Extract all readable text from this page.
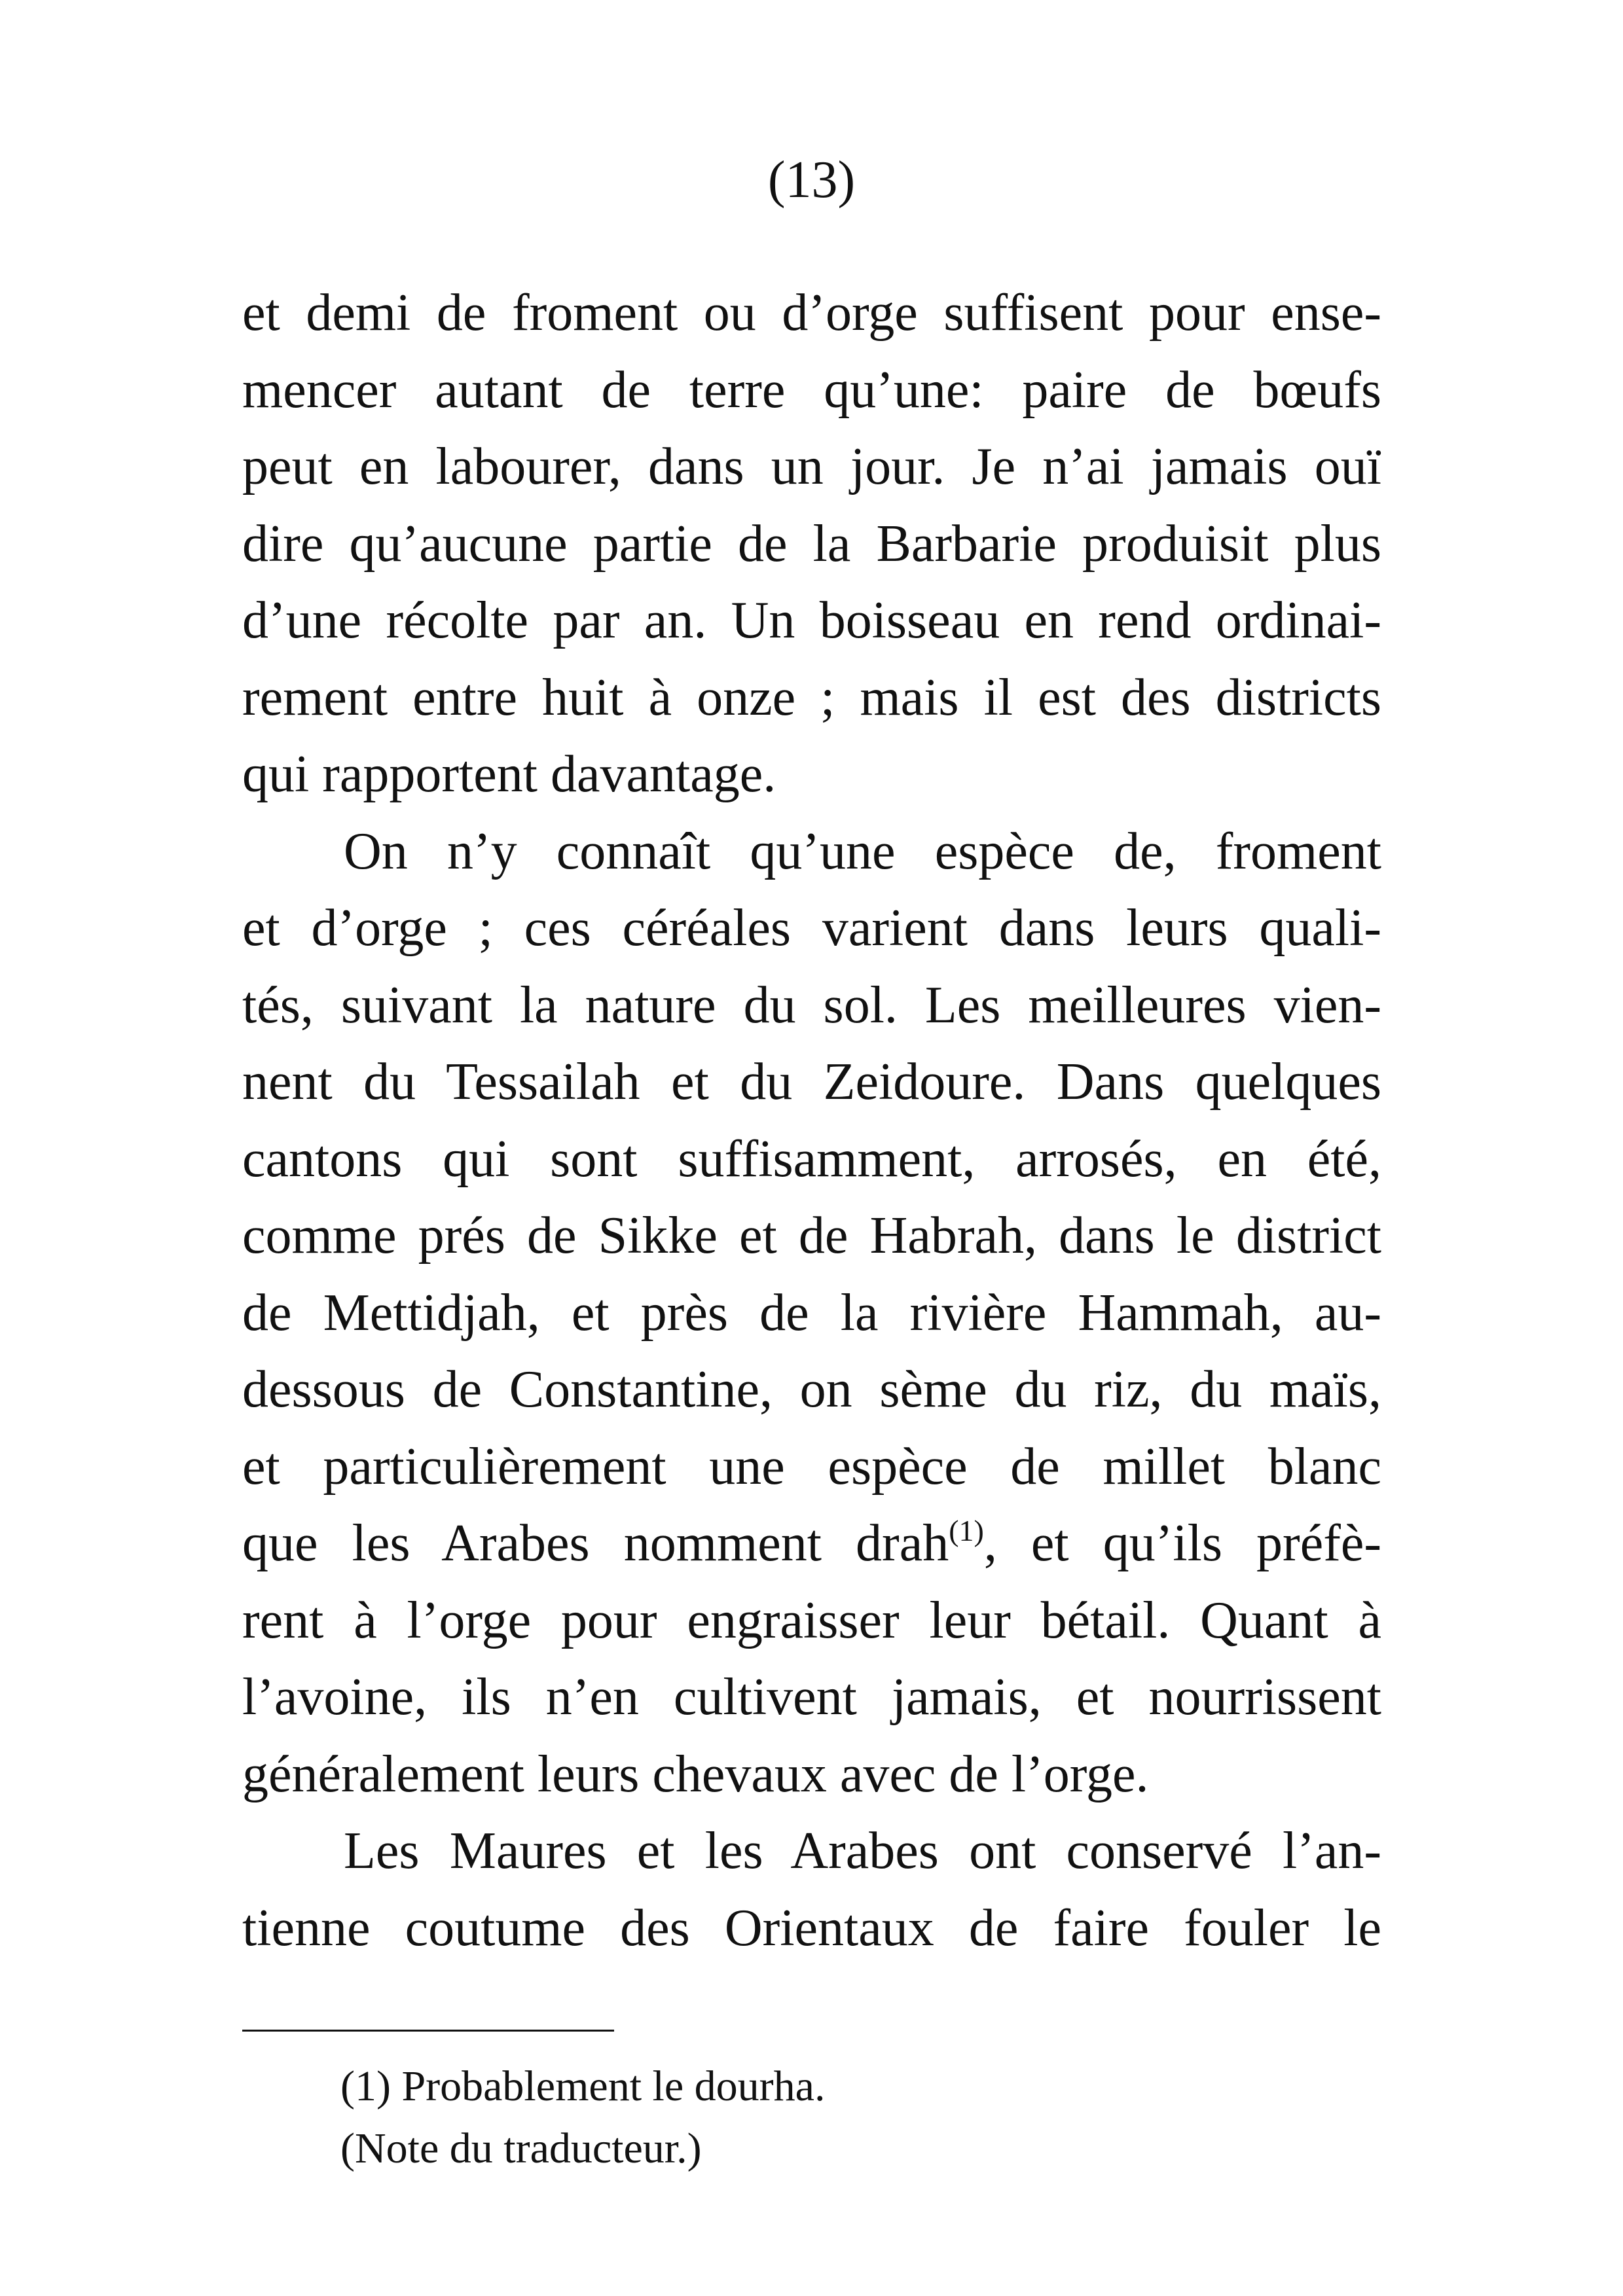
(13)
et demi de froment ou d’orge suffisent pour ense-
mencer autant de terre qu’une: paire de bœufs
peut en labourer, dans un jour. Je n’ai jamais ouï
dire qu’aucune partie de la Barbarie produisit plus
d’une récolte par an. Un boisseau en rend ordinai-
rement entre huit à onze ; mais il est des districts
qui rapportent davantage.
On n’y connaît qu’une espèce de, froment
et d’orge ; ces céréales varient dans leurs quali-
tés, suivant la nature du sol. Les meilleures vien-
nent du Tessailah et du Zeidoure. Dans quelques
cantons qui sont suffisamment, arrosés, en été,
comme prés de Sikke et de Habrah, dans le district
de Mettidjah, et près de la rivière Hammah, au-
dessous de Constantine, on sème du riz, du maïs,
et particulièrement une espèce de millet blanc
que les Arabes nomment drah$^{(1)}$, et qu’ils préfè-
rent à l’orge pour engraisser leur bétail. Quant à
l’avoine, ils n’en cultivent jamais, et nourrissent
généralement leurs chevaux avec de l’orge.
Les Maures et les Arabes ont conservé l’an-
tienne coutume des Orientaux de faire fouler le
(1) Probablement le dourha.
(Note du traducteur.)
